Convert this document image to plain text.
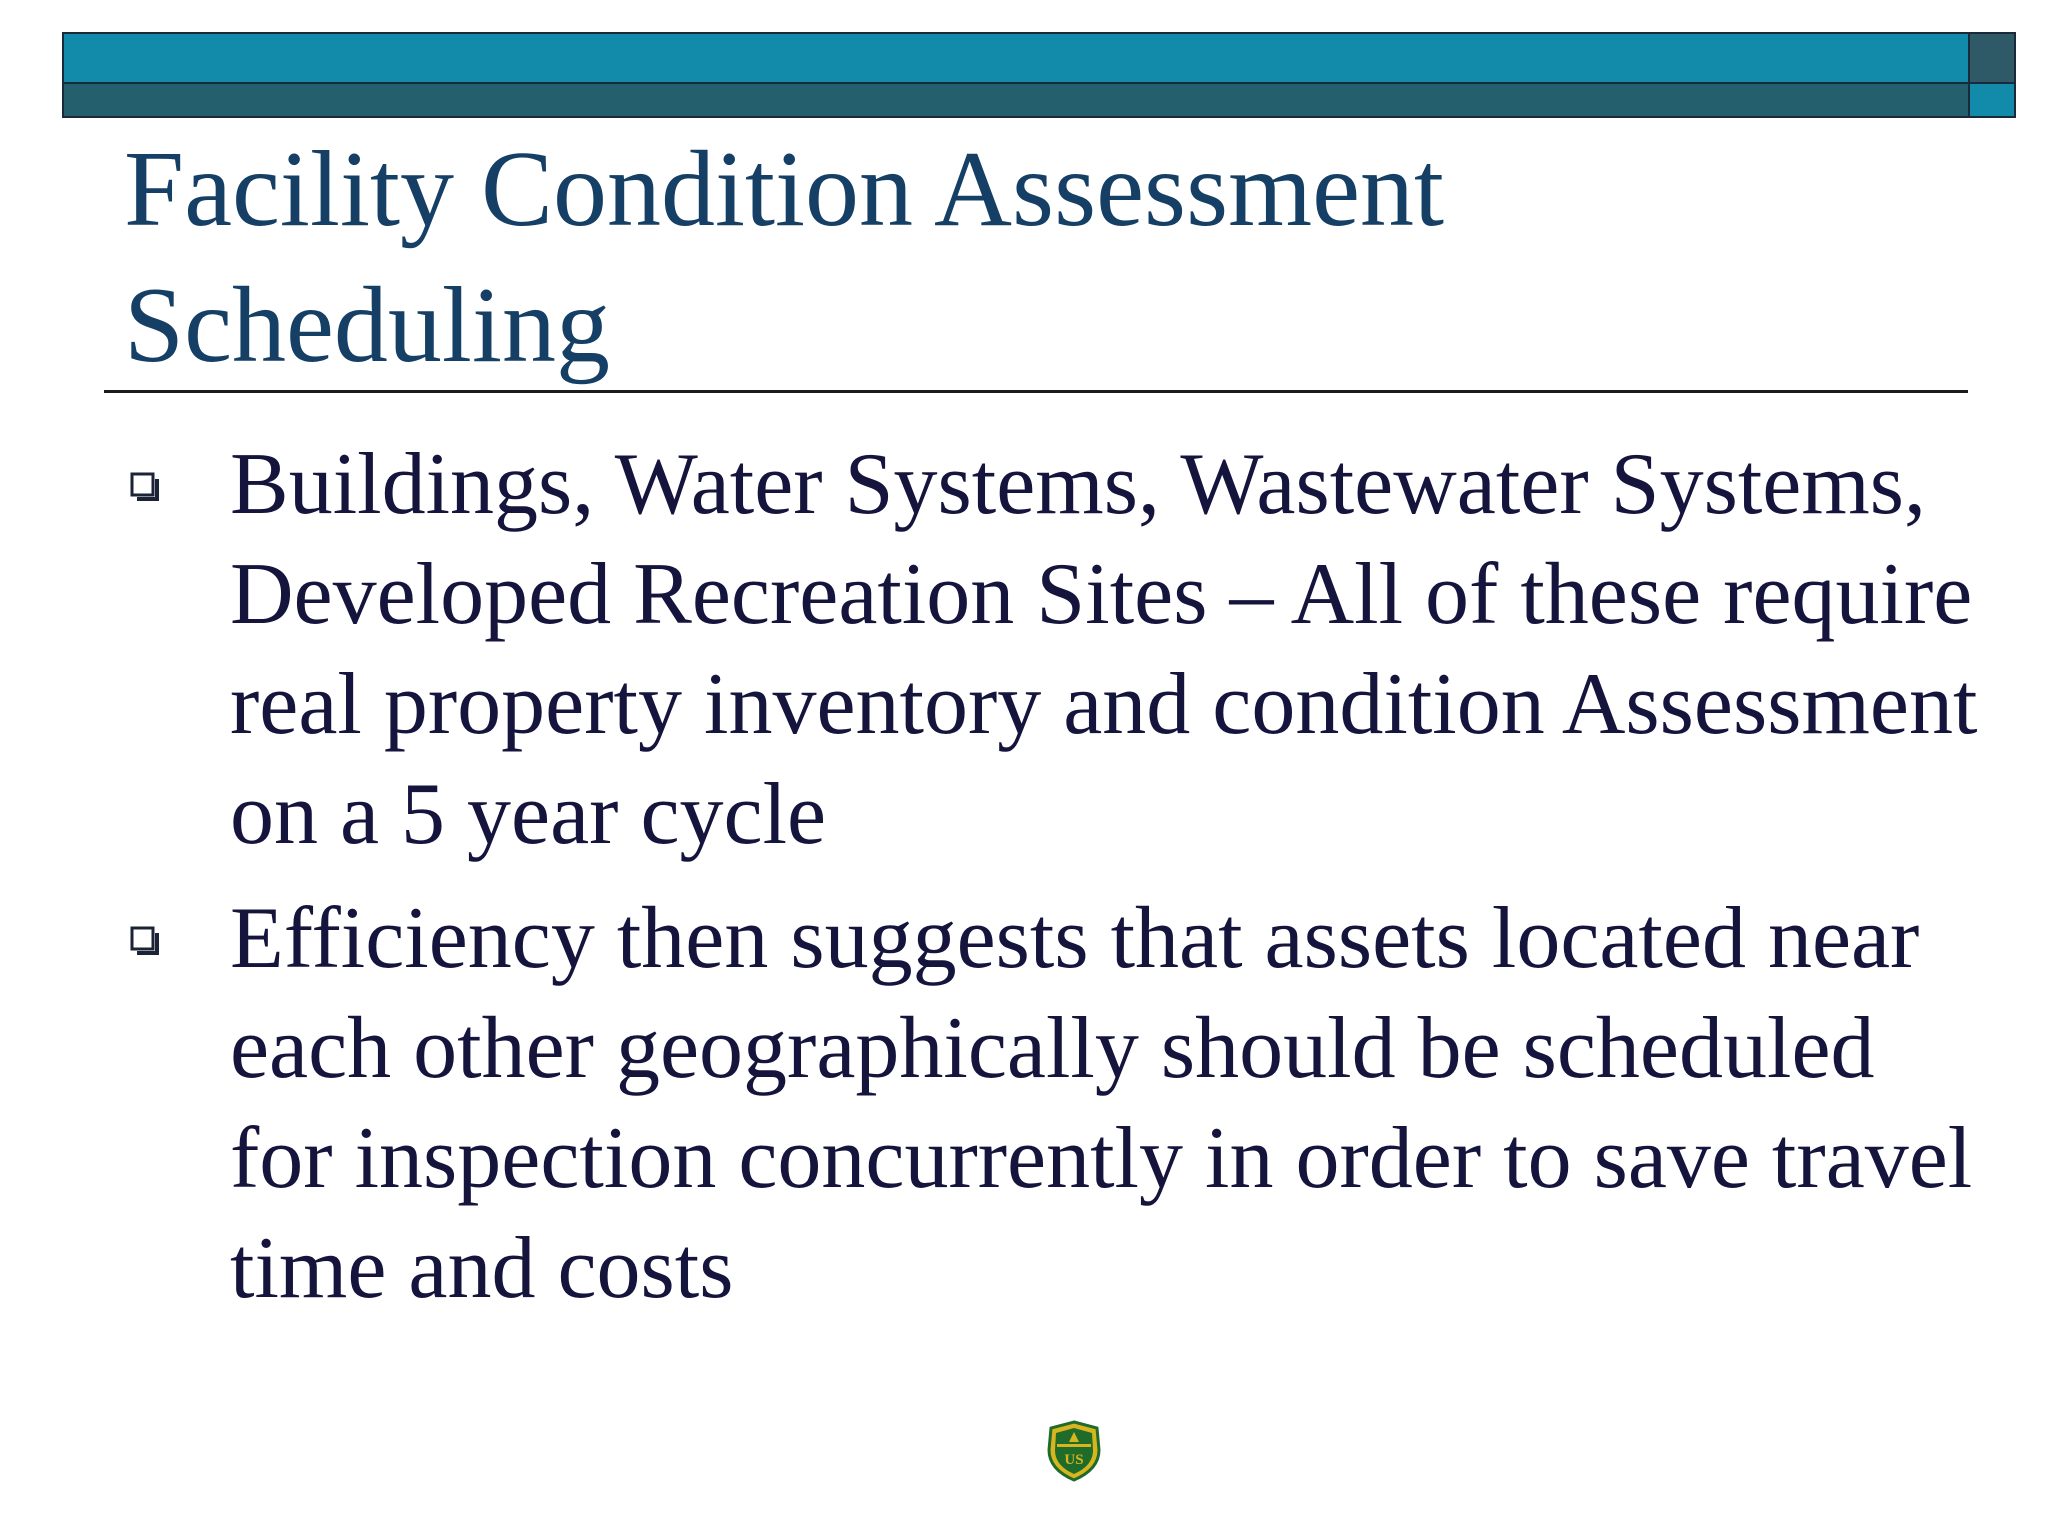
Facility Condition Assessment
Scheduling
Buildings, Water Systems, Wastewater Systems, Developed Recreation Sites – All of these require real property inventory and condition Assessment on a 5 year cycle
Efficiency then suggests that assets located near each other geographically should be scheduled for inspection concurrently in order to save travel time and costs
US
